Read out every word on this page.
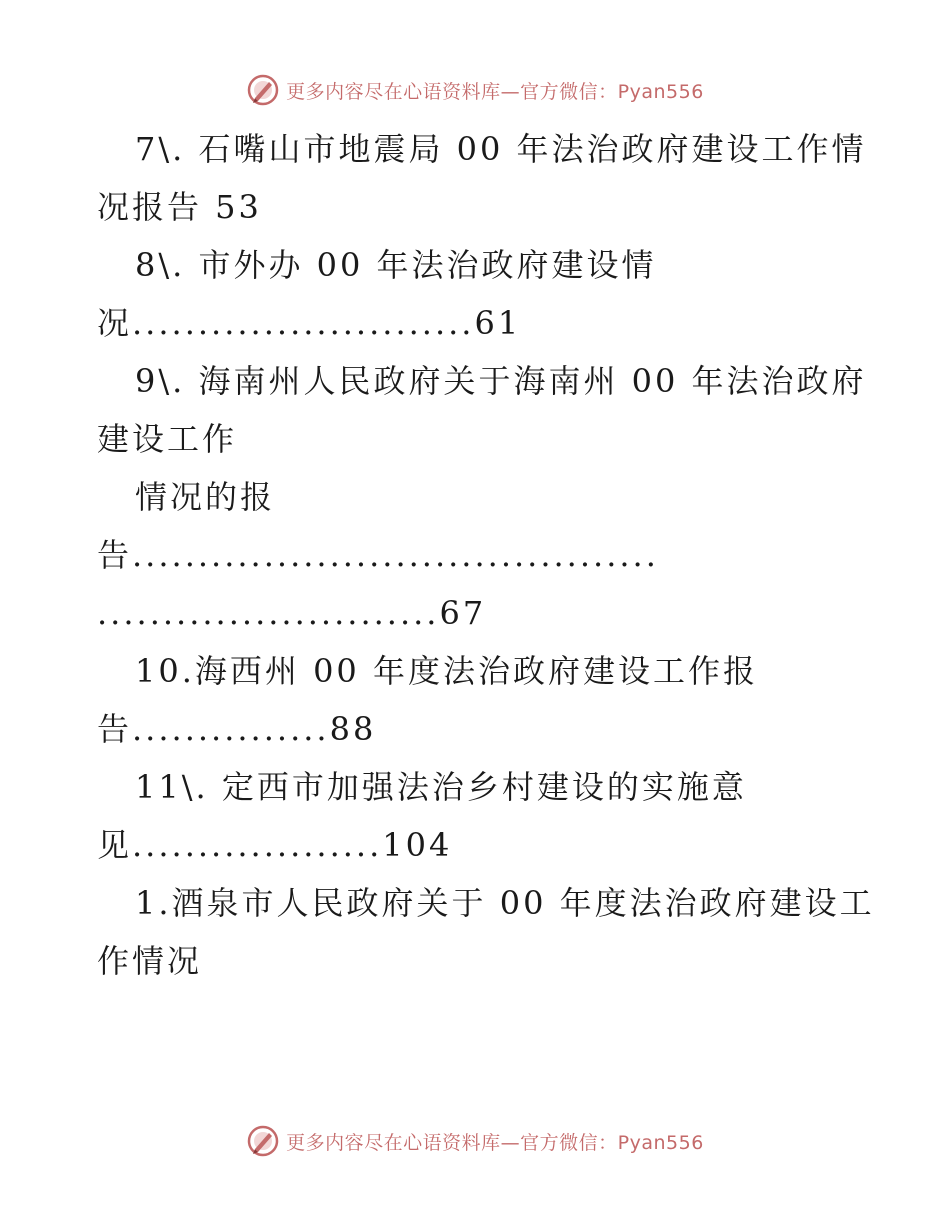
更多内容尽在心语资料库—官方微信：Pyan556
7\. 石嘴山市地震局 00 年法治政府建设工作情
况报告 53
8\. 市外办 00 年法治政府建设情
况..........................61
9\. 海南州人民政府关于海南州 00 年法治政府
建设工作
情况的报
告........................................
..........................67
10.海西州 00 年度法治政府建设工作报
告...............88
11\. 定西市加强法治乡村建设的实施意
见...................104
1.酒泉市人民政府关于 00 年度法治政府建设工
作情况
更多内容尽在心语资料库—官方微信：Pyan556
